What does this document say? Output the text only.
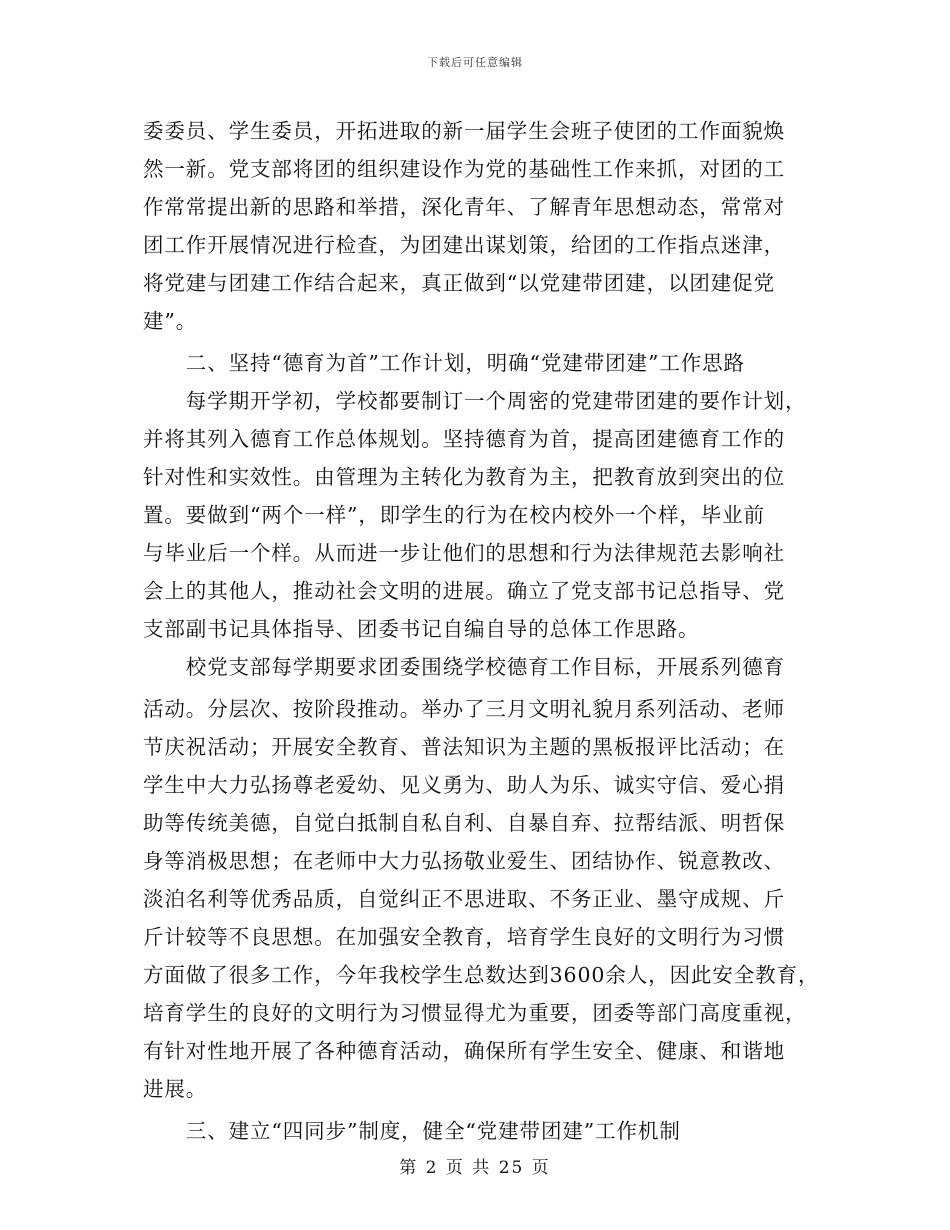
下载后可任意编辑
委委员、学生委员，开拓进取的新一届学生会班子使团的工作面貌焕
然一新。党支部将团的组织建设作为党的基础性工作来抓，对团的工
作常常提出新的思路和举措，深化青年、了解青年思想动态，常常对
团工作开展情况进行检查，为团建出谋划策，给团的工作指点迷津，
将党建与团建工作结合起来，真正做到“以党建带团建，以团建促党
建”。
　　二、坚持“德育为首”工作计划，明确“党建带团建”工作思路
　　每学期开学初，学校都要制订一个周密的党建带团建的要作计划，
并将其列入德育工作总体规划。坚持德育为首，提高团建德育工作的
针对性和实效性。由管理为主转化为教育为主，把教育放到突出的位
置。要做到“两个一样”，即学生的行为在校内校外一个样，毕业前
与毕业后一个样。从而进一步让他们的思想和行为法律规范去影响社
会上的其他人，推动社会文明的进展。确立了党支部书记总指导、党
支部副书记具体指导、团委书记自编自导的总体工作思路。
　　校党支部每学期要求团委围绕学校德育工作目标，开展系列德育
活动。分层次、按阶段推动。举办了三月文明礼貌月系列活动、老师
节庆祝活动；开展安全教育、普法知识为主题的黑板报评比活动；在
学生中大力弘扬尊老爱幼、见义勇为、助人为乐、诚实守信、爱心捐
助等传统美德，自觉白抵制自私自利、自暴自弃、拉帮结派、明哲保
身等消极思想；在老师中大力弘扬敬业爱生、团结协作、锐意教改、
淡泊名利等优秀品质，自觉纠正不思进取、不务正业、墨守成规、斤
斤计较等不良思想。在加强安全教育，培育学生良好的文明行为习惯
方面做了很多工作，今年我校学生总数达到3600余人，因此安全教育，
培育学生的良好的文明行为习惯显得尤为重要，团委等部门高度重视，
有针对性地开展了各种德育活动，确保所有学生安全、健康、和谐地
进展。
　　三、建立“四同步”制度，健全“党建带团建”工作机制
第 2 页 共 25 页
